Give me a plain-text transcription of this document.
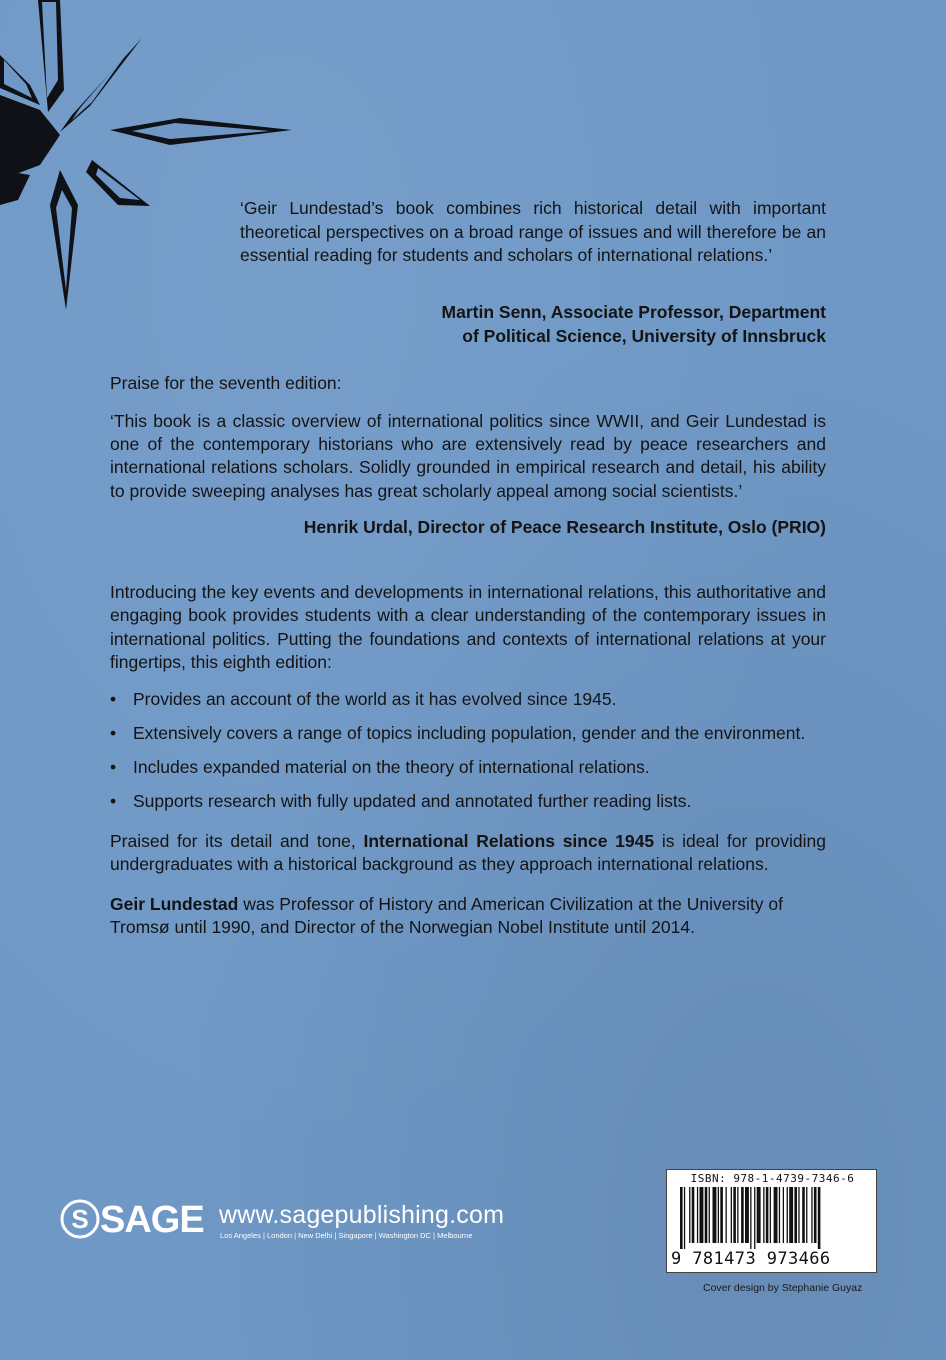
‘Geir Lundestad’s book combines rich historical detail with important theoretical perspectives on a broad range of issues and will therefore be an essential reading for students and scholars of international relations.’
Martin Senn, Associate Professor, Department
of Political Science, University of Innsbruck
Praise for the seventh edition:
‘This book is a classic overview of international politics since WWII, and Geir Lundestad is one of the contemporary historians who are extensively read by peace researchers and international relations scholars. Solidly grounded in empirical research and detail, his ability to provide sweeping analyses has great scholarly appeal among social scientists.’
Henrik Urdal, Director of Peace Research Institute, Oslo (PRIO)
Introducing the key events and developments in international relations, this authoritative and engaging book provides students with a clear understanding of the contemporary issues in international politics. Putting the foundations and contexts of international relations at your fingertips, this eighth edition:
• Provides an account of the world as it has evolved since 1945.
• Extensively covers a range of topics including population, gender and the environment.
• Includes expanded material on the theory of international relations.
• Supports research with fully updated and annotated further reading lists.
Praised for its detail and tone, International Relations since 1945 is ideal for providing undergraduates with a historical background as they approach international relations.
Geir Lundestad was Professor of History and American Civilization at the University of Tromsø until 1990, and Director of the Norwegian Nobel Institute until 2014.
S SAGE www.sagepublishing.com
Los Angeles | London | New Delhi | Singapore | Washington DC | Melbourne
ISBN: 978-1-4739-7346-6
9 781473 973466
Cover design by Stephanie Guyaz
